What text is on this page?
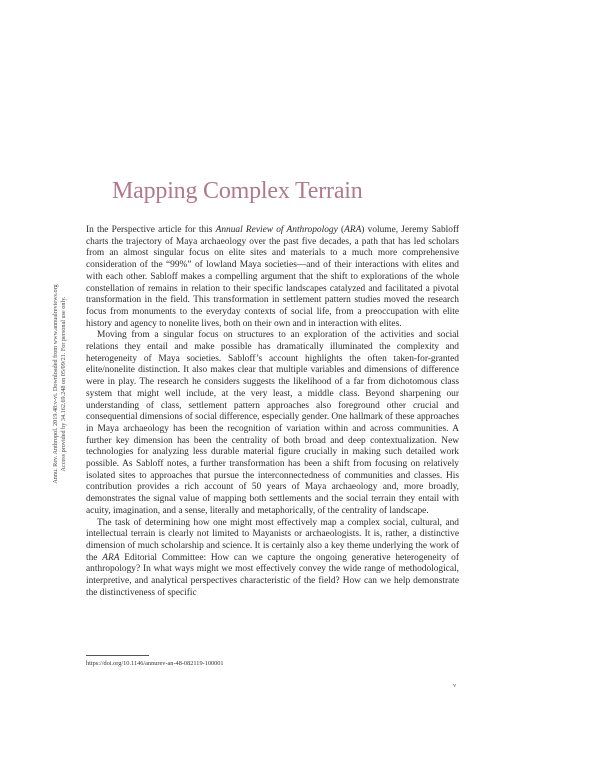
Annu. Rev. Anthropol. 2019.48:v-vi. Downloaded from www.annualreviews.org Access provided by 34.162.69.248 on 05/09/21. For personal use only.
Mapping Complex Terrain

In the Perspective article for this Annual Review of Anthropology (ARA) volume, Jeremy Sabloff charts the trajectory of Maya archaeology over the past five decades, a path that has led scholars from an almost singular focus on elite sites and materials to a much more comprehensive consideration of the “99%” of lowland Maya societies—and of their interactions with elites and with each other. Sabloff makes a compelling argument that the shift to explorations of the whole constellation of remains in relation to their specific landscapes catalyzed and facilitated a pivotal transformation in the field. This transformation in settlement pattern studies moved the research focus from monuments to the everyday contexts of social life, from a preoccupation with elite history and agency to nonelite lives, both on their own and in interaction with elites.

Moving from a singular focus on structures to an exploration of the activities and social relations they entail and make possible has dramatically illuminated the complexity and heterogeneity of Maya societies. Sabloff’s account highlights the often taken-for-granted elite/nonelite distinction. It also makes clear that multiple variables and dimensions of difference were in play. The research he considers suggests the likelihood of a far from dichotomous class system that might well include, at the very least, a middle class. Beyond sharpening our understanding of class, settlement pattern approaches also foreground other crucial and consequential dimensions of social difference, especially gender. One hallmark of these approaches in Maya archaeology has been the recognition of variation within and across communities. A further key dimension has been the centrality of both broad and deep contextualization. New technologies for analyzing less durable material figure crucially in making such detailed work possible. As Sabloff notes, a further transformation has been a shift from focusing on relatively isolated sites to approaches that pursue the interconnectedness of communities and classes. His contribution provides a rich account of 50 years of Maya archaeology and, more broadly, demonstrates the signal value of mapping both settlements and the social terrain they entail with acuity, imagination, and a sense, literally and metaphorically, of the centrality of landscape.

The task of determining how one might most effectively map a complex social, cultural, and intellectual terrain is clearly not limited to Mayanists or archaeologists. It is, rather, a distinctive dimension of much scholarship and science. It is certainly also a key theme underlying the work of the ARA Editorial Committee: How can we capture the ongoing generative heterogeneity of anthropology? In what ways might we most effectively convey the wide range of methodological, interpretive, and analytical perspectives characteristic of the field? How can we help demonstrate the distinctiveness of specific

https://doi.org/10.1146/annurev-an-48-082119-100001
v
